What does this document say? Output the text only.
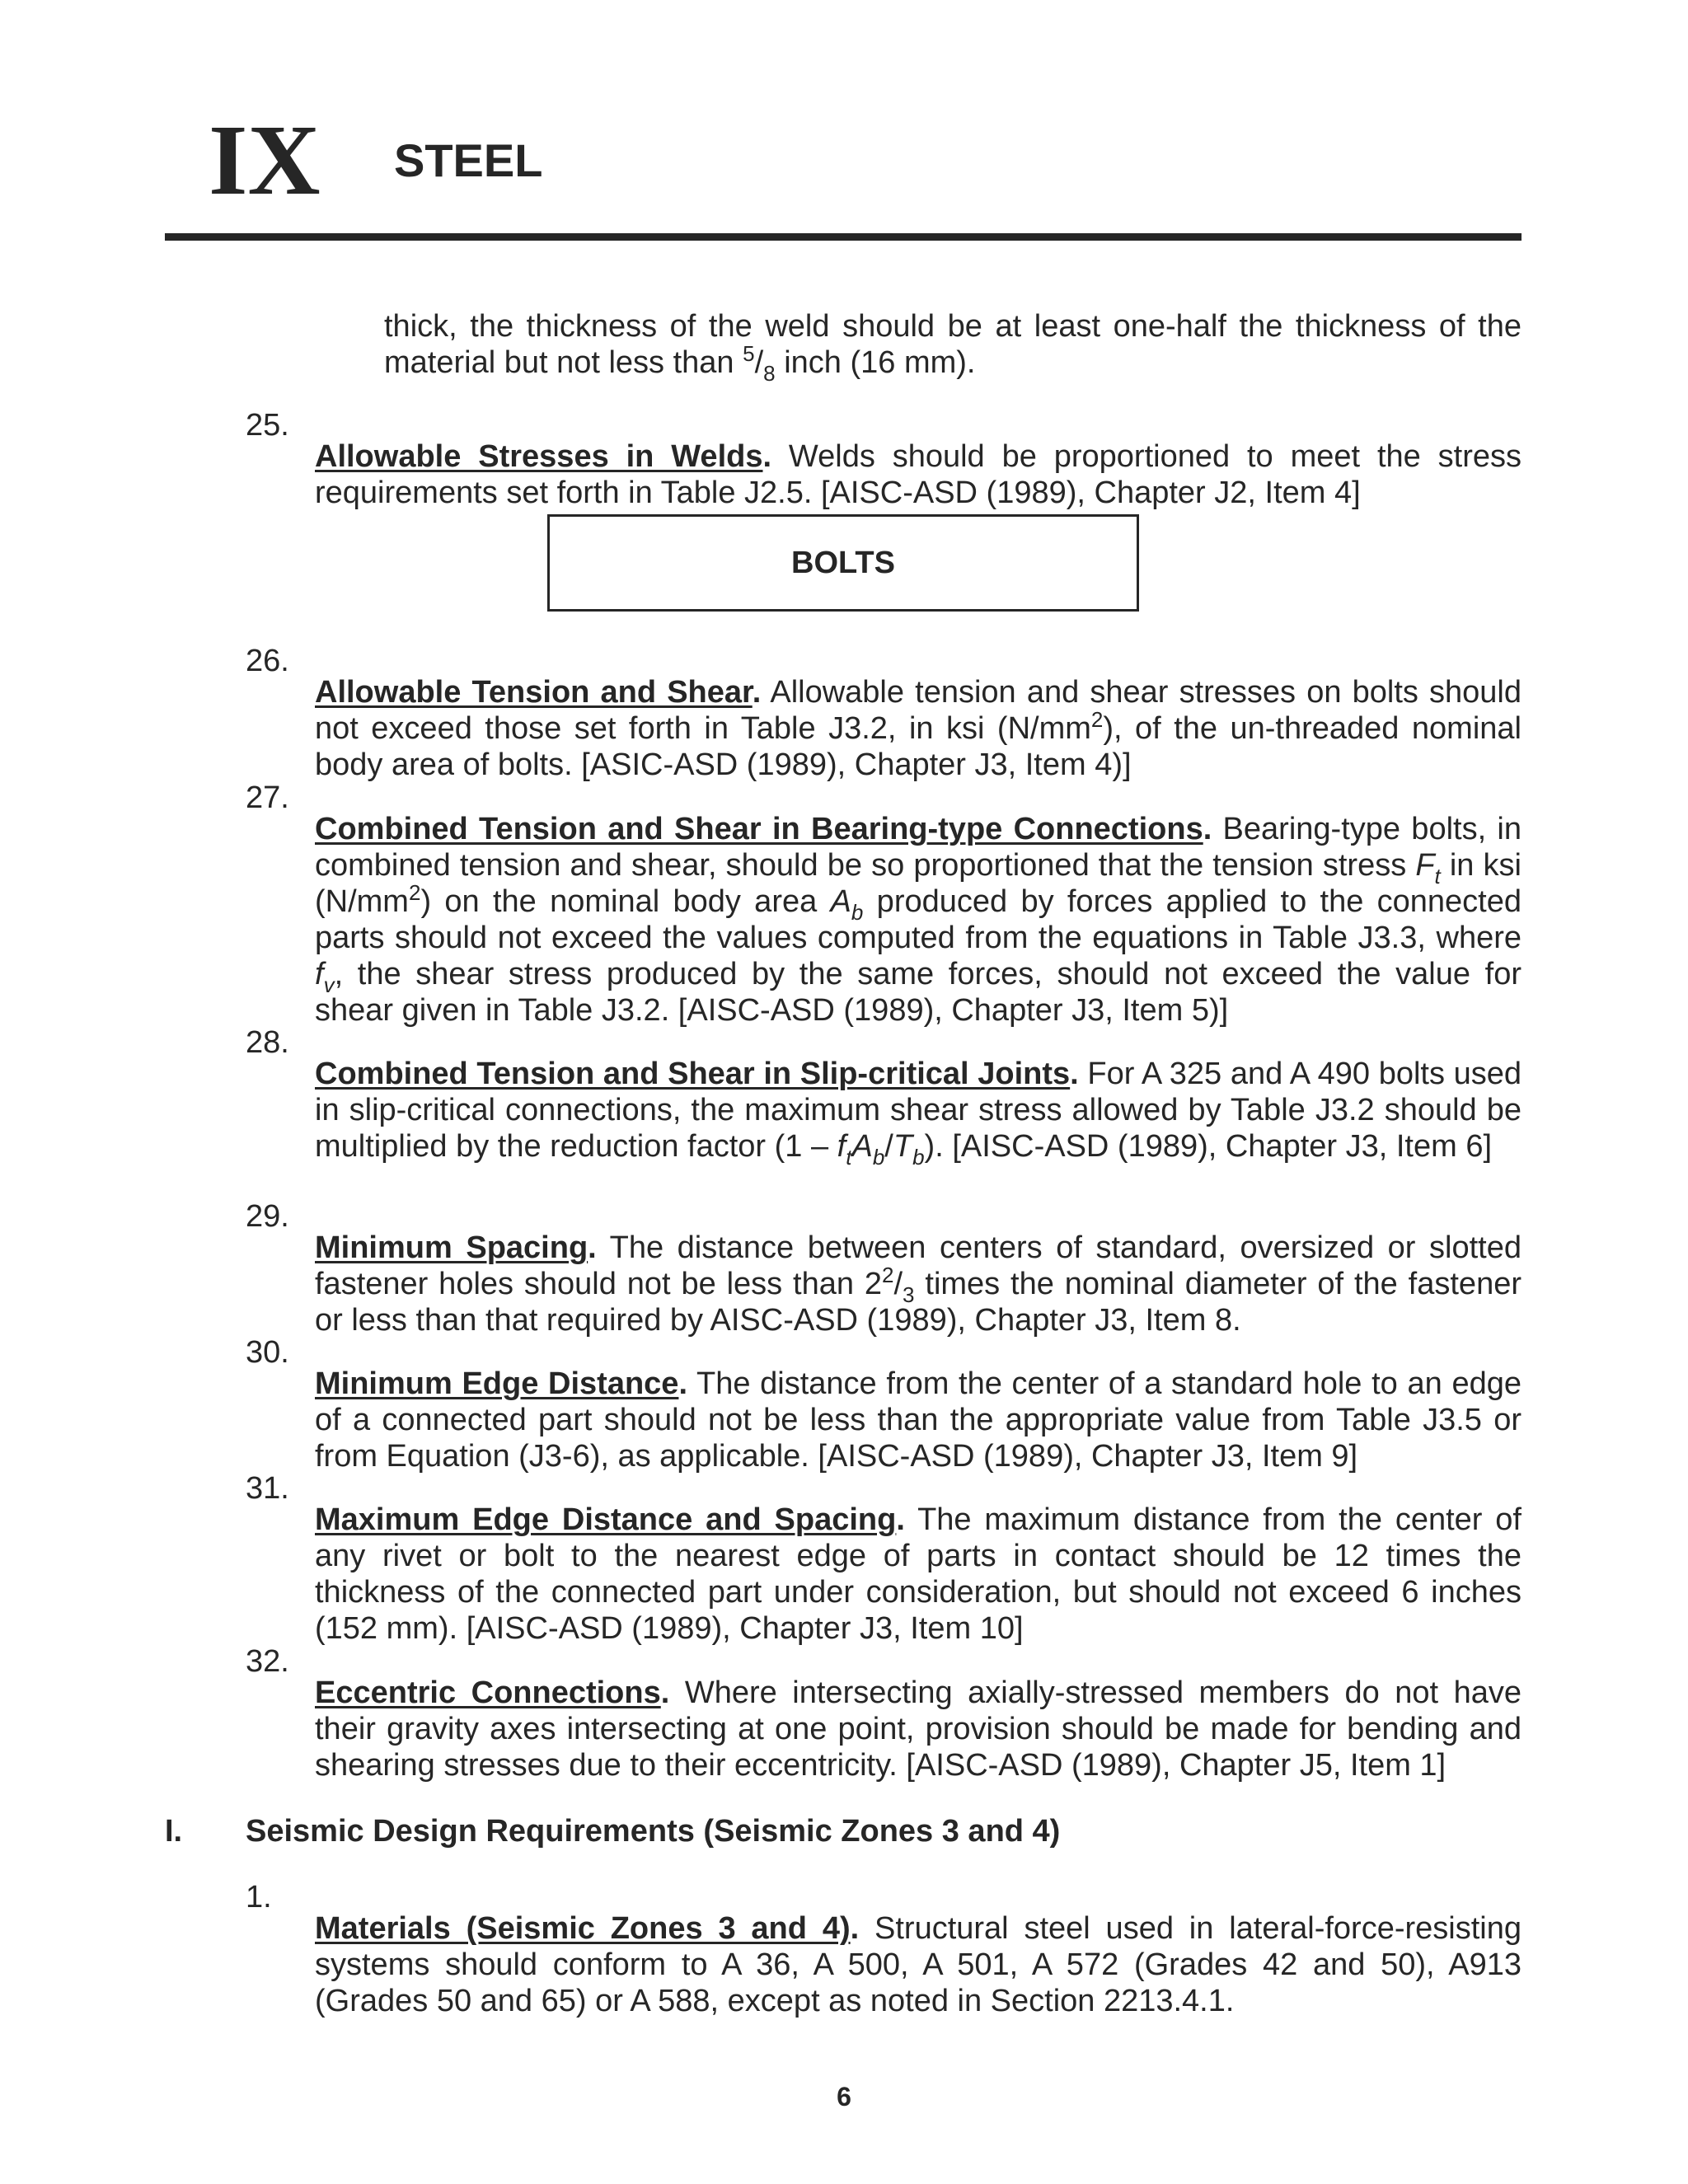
IX STEEL

thick, the thickness of the weld should be at least one-half the thickness of the material but not less than $^5/_8$ inch (16 mm).

25.

Allowable Stresses in Welds. Welds should be proportioned to meet the stress requirements set forth in Table J2.5. [AISC-ASD (1989), Chapter J2, Item 4]

BOLTS
26.

Allowable Tension and Shear. Allowable tension and shear stresses on bolts should not exceed those set forth in Table J3.2, in ksi $(N/mm^2)$, of the un-threaded nominal body area of bolts. [ASIC-ASD (1989), Chapter J3, Item 4)]

27.

Combined Tension and Shear in Bearing-type Connections. Bearing-type bolts, in combined tension and shear, should be so proportioned that the tension stress $F_t$ in ksi $(N/mm^2)$ on the nominal body area $A_b$ produced by forces applied to the connected parts should not exceed the values computed from the equations in Table J3.3, where $f_v$, the shear stress produced by the same forces, should not exceed the value for shear given in Table J3.2. [AISC-ASD (1989), Chapter J3, Item 5)]

28.

Combined Tension and Shear in Slip-critical Joints. For A 325 and A 490 bolts used in slip-critical connections, the maximum shear stress allowed by Table J3.2 should be multiplied by the reduction factor $(1 - f_tA_b/T_b)$. [AISC-ASD (1989), Chapter J3, Item 6]

29.

Minimum Spacing. The distance between centers of standard, oversized or slotted fastener holes should not be less than $2^2/_3$ times the nominal diameter of the fastener or less than that required by AISC-ASD (1989), Chapter J3, Item 8.

30.

Minimum Edge Distance. The distance from the center of a standard hole to an edge of a connected part should not be less than the appropriate value from Table J3.5 or from Equation (J3-6), as applicable. [AISC-ASD (1989), Chapter J3, Item 9]

31.

Maximum Edge Distance and Spacing. The maximum distance from the center of any rivet or bolt to the nearest edge of parts in contact should be 12 times the thickness of the connected part under consideration, but should not exceed 6 inches (152 mm). [AISC-ASD (1989), Chapter J3, Item 10]

32.

Eccentric Connections. Where intersecting axially-stressed members do not have their gravity axes intersecting at one point, provision should be made for bending and shearing stresses due to their eccentricity. [AISC-ASD (1989), Chapter J5, Item 1]

I. Seismic Design Requirements (Seismic Zones 3 and 4)
1.

Materials (Seismic Zones 3 and 4). Structural steel used in lateral-force-resisting systems should conform to A 36, A 500, A 501, A 572 (Grades 42 and 50), A913 (Grades 50 and 65) or A 588, except as noted in Section 2213.4.1.

6
